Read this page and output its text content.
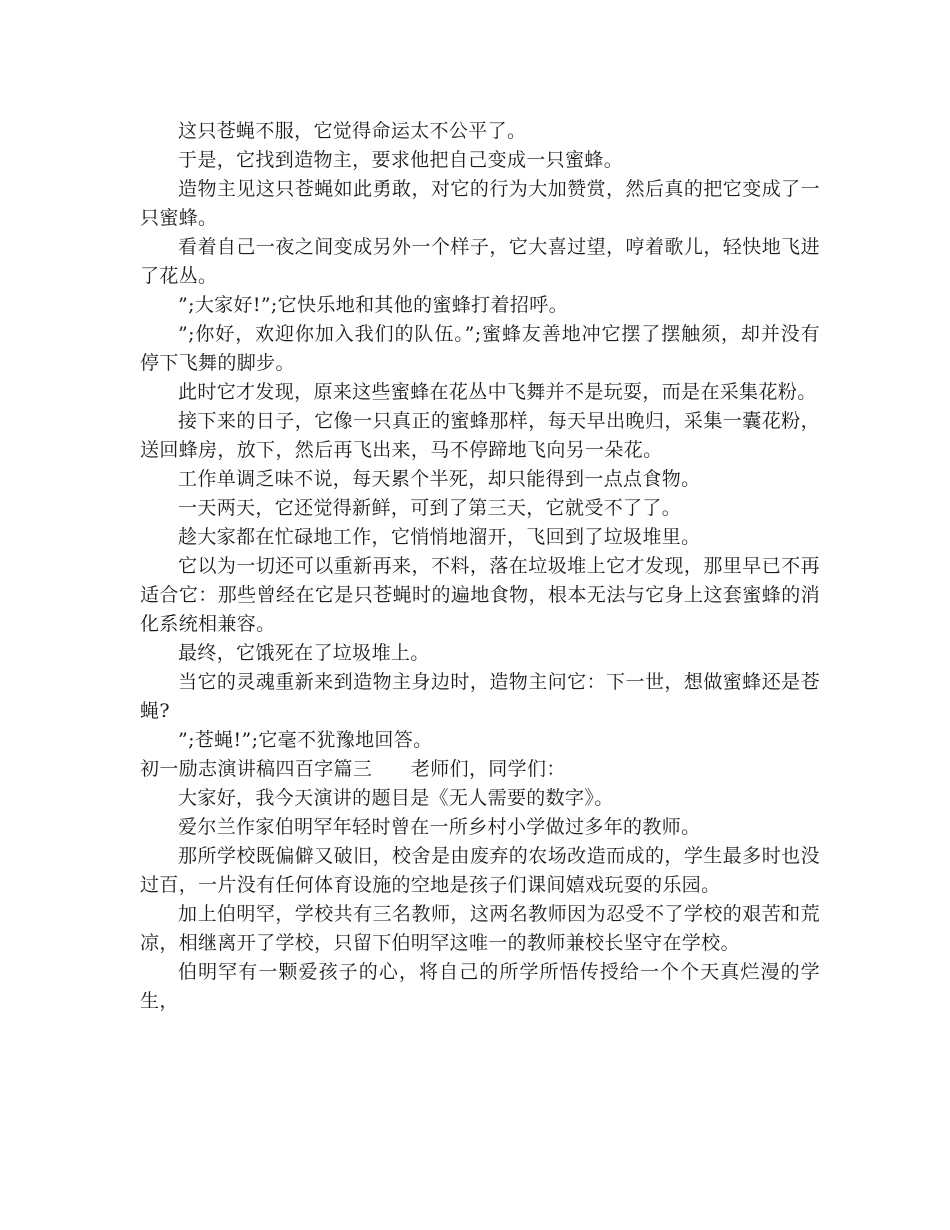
这只苍蝇不服，它觉得命运太不公平了。

于是，它找到造物主，要求他把自己变成一只蜜蜂。

造物主见这只苍蝇如此勇敢，对它的行为大加赞赏，然后真的把它变成了一只蜜蜂。

看着自己一夜之间变成另外一个样子，它大喜过望，哼着歌儿，轻快地飞进了花丛。

”;大家好!”;它快乐地和其他的蜜蜂打着招呼。

”;你好，欢迎你加入我们的队伍。”;蜜蜂友善地冲它摆了摆触须，却并没有停下飞舞的脚步。

此时它才发现，原来这些蜜蜂在花丛中飞舞并不是玩耍，而是在采集花粉。

接下来的日子，它像一只真正的蜜蜂那样，每天早出晚归，采集一囊花粉，送回蜂房，放下，然后再飞出来，马不停蹄地飞向另一朵花。

工作单调乏味不说，每天累个半死，却只能得到一点点食物。

一天两天，它还觉得新鲜，可到了第三天，它就受不了了。

趁大家都在忙碌地工作，它悄悄地溜开，飞回到了垃圾堆里。

它以为一切还可以重新再来，不料，落在垃圾堆上它才发现，那里早已不再适合它：那些曾经在它是只苍蝇时的遍地食物，根本无法与它身上这套蜜蜂的消化系统相兼容。

最终，它饿死在了垃圾堆上。

当它的灵魂重新来到造物主身边时，造物主问它：下一世，想做蜜蜂还是苍蝇?

”;苍蝇!”;它毫不犹豫地回答。

初一励志演讲稿四百字篇三　　老师们，同学们：

大家好，我今天演讲的题目是《无人需要的数字》。

爱尔兰作家伯明罕年轻时曾在一所乡村小学做过多年的教师。

那所学校既偏僻又破旧，校舍是由废弃的农场改造而成的，学生最多时也没过百，一片没有任何体育设施的空地是孩子们课间嬉戏玩耍的乐园。

加上伯明罕，学校共有三名教师，这两名教师因为忍受不了学校的艰苦和荒凉，相继离开了学校，只留下伯明罕这唯一的教师兼校长坚守在学校。

伯明罕有一颗爱孩子的心，将自己的所学所悟传授给一个个天真烂漫的学生，
